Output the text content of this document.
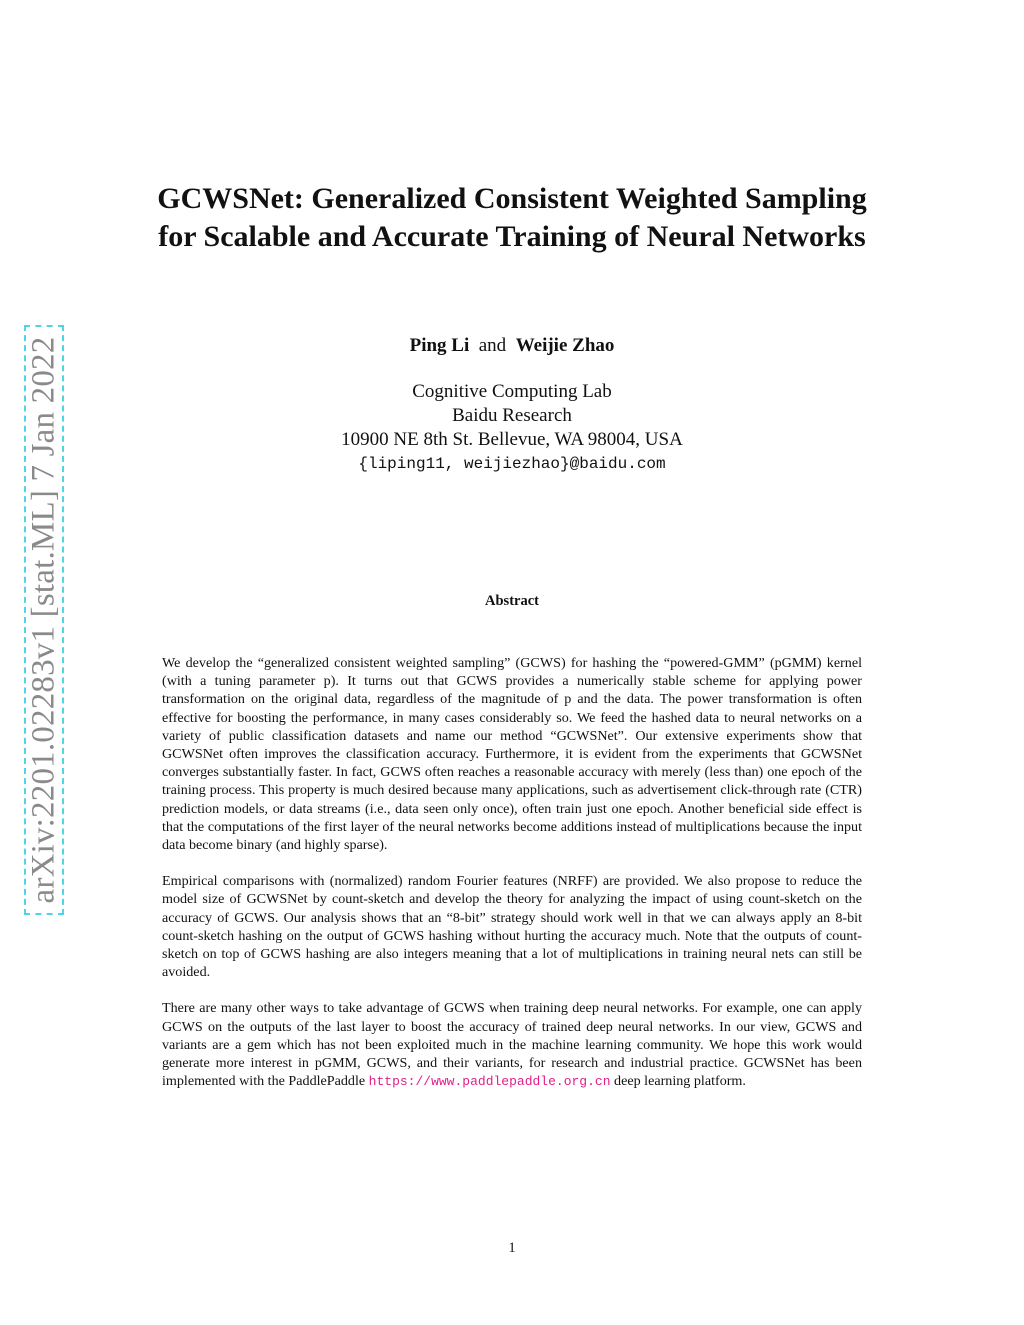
arXiv:2201.02283v1 [stat.ML] 7 Jan 2022
GCWSNet: Generalized Consistent Weighted Sampling
for Scalable and Accurate Training of Neural Networks
Ping Li and Weijie Zhao
Cognitive Computing Lab
Baidu Research
10900 NE 8th St. Bellevue, WA 98004, USA
{liping11, weijiezhao}@baidu.com
Abstract

We develop the “generalized consistent weighted sampling” (GCWS) for hashing the “powered-GMM” (pGMM) kernel (with a tuning parameter p). It turns out that GCWS provides a numerically stable scheme for applying power transformation on the original data, regardless of the magnitude of p and the data. The power transformation is often effective for boosting the performance, in many cases considerably so. We feed the hashed data to neural networks on a variety of public classification datasets and name our method “GCWSNet”. Our extensive experiments show that GCWSNet often improves the classification accuracy. Furthermore, it is evident from the experiments that GCWSNet converges substantially faster. In fact, GCWS often reaches a reasonable accuracy with merely (less than) one epoch of the training process. This property is much desired because many applications, such as advertisement click-through rate (CTR) prediction models, or data streams (i.e., data seen only once), often train just one epoch. Another beneficial side effect is that the computations of the first layer of the neural networks become additions instead of multiplications because the input data become binary (and highly sparse).

Empirical comparisons with (normalized) random Fourier features (NRFF) are provided. We also propose to reduce the model size of GCWSNet by count-sketch and develop the theory for analyzing the impact of using count-sketch on the accuracy of GCWS. Our analysis shows that an “8-bit” strategy should work well in that we can always apply an 8-bit count-sketch hashing on the output of GCWS hashing without hurting the accuracy much. Note that the outputs of count-sketch on top of GCWS hashing are also integers meaning that a lot of multiplications in training neural nets can still be avoided.

There are many other ways to take advantage of GCWS when training deep neural networks. For example, one can apply GCWS on the outputs of the last layer to boost the accuracy of trained deep neural networks. In our view, GCWS and variants are a gem which has not been exploited much in the machine learning community. We hope this work would generate more interest in pGMM, GCWS, and their variants, for research and industrial practice. GCWSNet has been implemented with the PaddlePaddle https://www.paddlepaddle.org.cn deep learning platform.

1
